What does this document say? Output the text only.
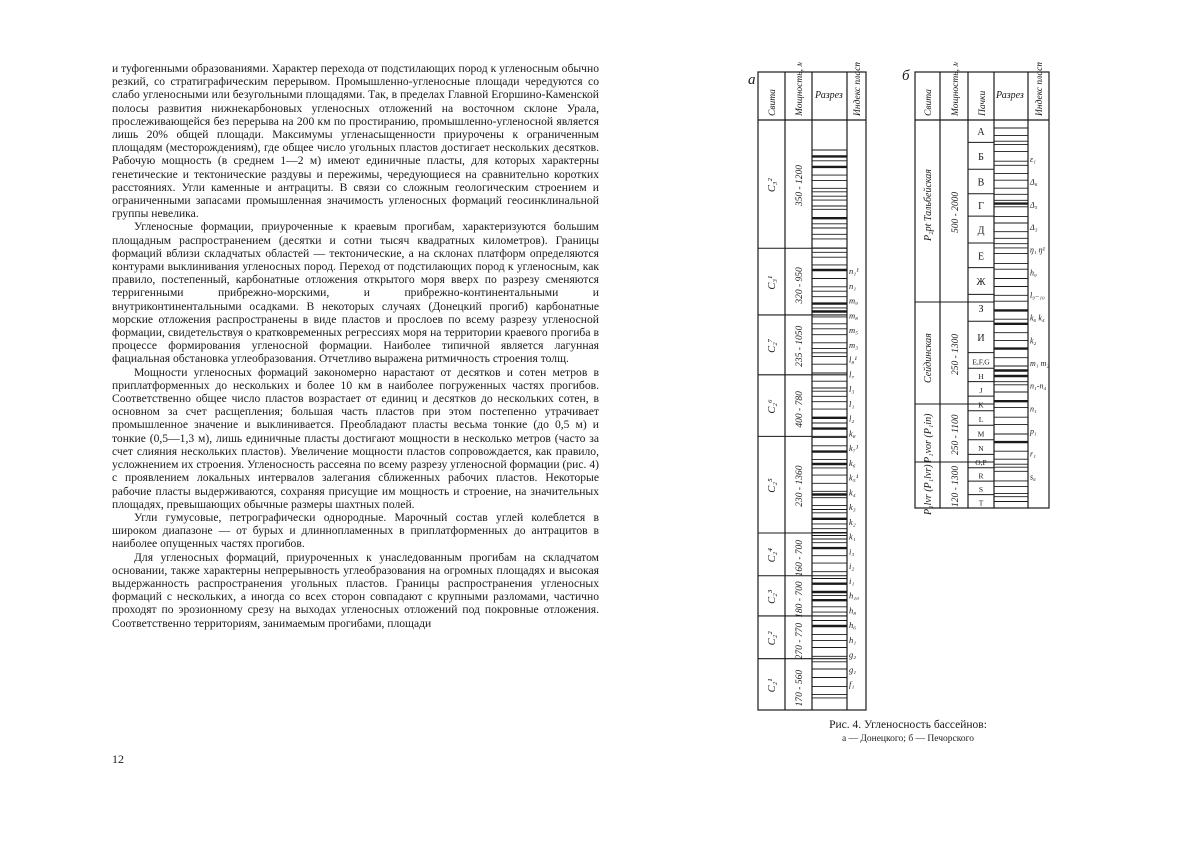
и туфогенными образованиями. Характер перехода от подстилающих пород к угленосным обычно резкий, со стратиграфическим перерывом. Промышленно-угленосные площади чередуются со слабо угленосными или безугольными площадями. Так, в пределах Главной Егоршино-Каменской полосы развития нижнекарбоновых угленосных отложений на восточном склоне Урала, прослеживающейся без перерыва на 200 км по простиранию, промышленно-угленосной является лишь 20% общей площади. Максимумы угленасыщенности приурочены к ограниченным площадям (месторождениям), где общее число угольных пластов достигает нескольких десятков. Рабочую мощность (в среднем 1—2 м) имеют единичные пласты, для которых характерны генетические и тектонические раздувы и пережимы, чередующиеся на сравнительно коротких расстояниях. Угли каменные и антрациты. В связи со сложным геологическим строением и ограниченными запасами промышленная значимость угленосных формаций геосинклинальной группы невелика.

Угленосные формации, приуроченные к краевым прогибам, характеризуются большим площадным распространением (десятки и сотни тысяч квадратных километров). Границы формаций вблизи складчатых областей — тектонические, а на склонах платформ определяются контурами выклинивания угленосных пород. Переход от подстилающих пород к угленосным, как правило, постепенный, карбонатные отложения открытого моря вверх по разрезу сменяются терригенными прибрежно-морскими, и прибрежно-континентальными и внутриконтинентальными осадками. В некоторых случаях (Донецкий прогиб) карбонатные морские отложения распространены в виде пластов и прослоев по всему разрезу угленосной формации, свидетельствуя о кратковременных регрессиях моря на территории краевого прогиба в процессе формирования угленосной формации. Наиболее типичной является лагунная фациальная обстановка углеобразования. Отчетливо выражена ритмичность строения толщ.

Мощности угленосных формаций закономерно нарастают от десятков и сотен метров в приплатформенных до нескольких и более 10 км в наиболее погруженных частях прогибов. Соответственно общее число пластов возрастает от единиц и десятков до нескольких сотен, в основном за счет расщепления; большая часть пластов при этом постепенно утрачивает промышленное значение и выклинивается. Преобладают пласты весьма тонкие (до 0,5 м) и тонкие (0,5—1,3 м), лишь единичные пласты достигают мощности в несколько метров (часто за счет слияния нескольких пластов). Увеличение мощности пластов сопровождается, как правило, усложнением их строения. Угленосность рассеяна по всему разрезу угленосной формации (рис. 4) с проявлением локальных интервалов залегания сближенных рабочих пластов. Некоторые рабочие пласты выдерживаются, сохраняя присущие им мощность и строение, на значительных площадях, превышающих обычные размеры шахтных полей.

Угли гумусовые, петрографически однородные. Марочный состав углей колеблется в широком диапазоне — от бурых и длиннопламенных в приплатформенных до антрацитов в наиболее опущенных частях прогибов.

Для угленосных формаций, приуроченных к унаследованным прогибам на складчатом основании, также характерны непрерывность углеобразования на огромных площадях и высокая выдержанность распространения угольных пластов. Границы распространения угленосных формаций с нескольких, а иногда со всех сторон совпадают с крупными разломами, частично проходят по эрозионному срезу на выходах угленосных отложений под покровные отложения. Соответственно территориям, занимаемым прогибами, площади

12
а	б
Свита Мощность, м Разрез Индекс пласта	Свита Мощность, м Пачки Разрез Индекс пласта
C₃² 350 - 1200
C₃¹ 320 - 950
C₂⁷ 235 - 1050
C₂⁶ 400 - 780
C₂⁵ 230 - 1360
C₂⁴ 160 - 700
C₂³ 180 - 700
C₂² 270 - 770
C₂¹ 170 - 560
n₁¹
n₁
m₉
m₈
m₅
m₃
l₈¹
l₇
l₃
l₁
l₂
k₈
k₇¹
k₆
k₅¹
k₄
k₃
k₂
k₁
i₃
i₂
i₁
h₁₀
h₈
h₆
h₁
g₂
g₁
f₁
P₂pt Тальбейская 500 - 2000
Сейдинская 250 - 1300
P₁vor (P₁in) 250 - 1100
P₁lvr (P₁lvr) 120 - 1300
А
Б
В
Г
Д
Е
Ж
З
И
E,F,G
H
J
K
L
M
N
O,P
R
S
T
ε₁
Δ₆
Δ₅
Δ₃
ŋ₁ ŋ¹
h₉
l₉₋₁₀
k₆ k₄
k₂
m₁ m₂
n₁-n₄
n₁
p₁
r₁
s₆
Рис. 4. Угленосность бассейнов:
а — Донецкого; б — Печорского
